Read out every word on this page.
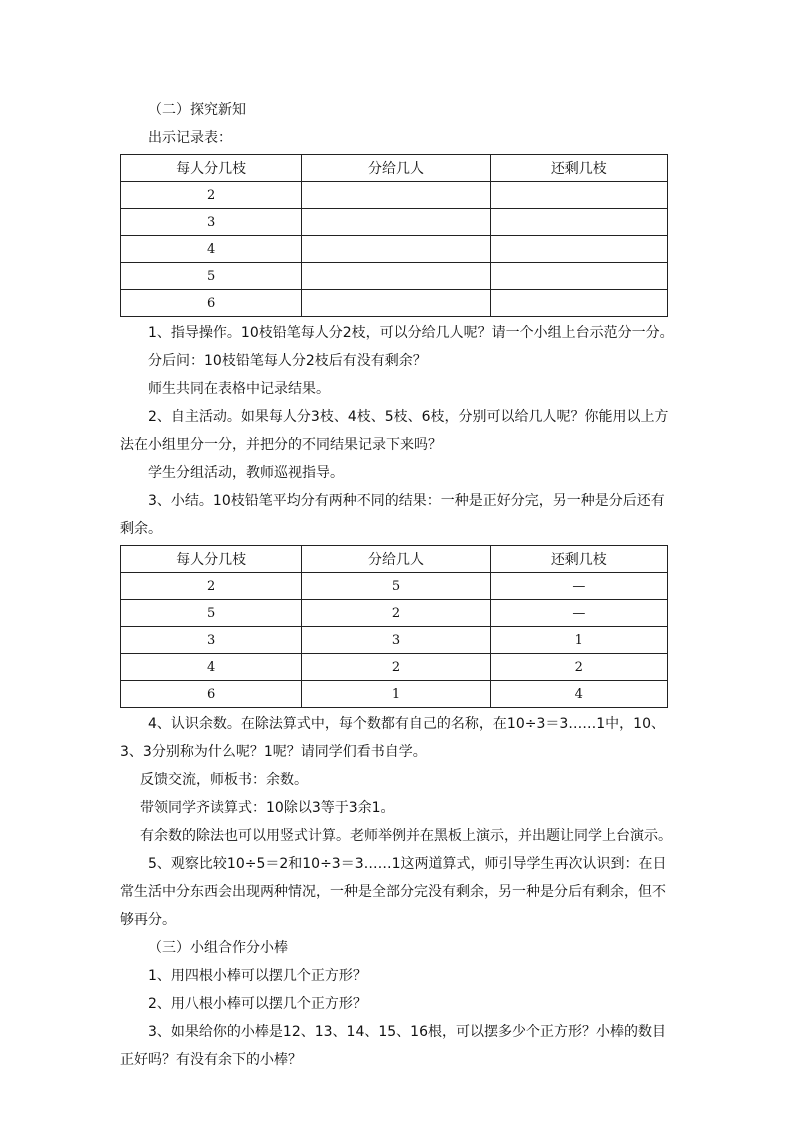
（二）探究新知
出示记录表：
每人分几枝	分给几人	还剩几枝
2		
3		
4		
5		
6		
1、指导操作。10枝铅笔每人分2枝，可以分给几人呢？请一个小组上台示范分一分。
分后问：10枝铅笔每人分2枝后有没有剩余？
师生共同在表格中记录结果。
2、自主活动。如果每人分3枝、4枝、5枝、6枝，分别可以给几人呢？你能用以上方法在小组里分一分，并把分的不同结果记录下来吗？
学生分组活动，教师巡视指导。
3、小结。10枝铅笔平均分有两种不同的结果：一种是正好分完，另一种是分后还有剩余。
每人分几枝	分给几人	还剩几枝
2	5	—
5	2	—
3	3	1
4	2	2
6	1	4
4、认识余数。在除法算式中，每个数都有自己的名称，在10÷3＝3……1中，10、3、3分别称为什么呢？1呢？请同学们看书自学。
反馈交流，师板书：余数。
带领同学齐读算式：10除以3等于3余1。
有余数的除法也可以用竖式计算。老师举例并在黑板上演示，并出题让同学上台演示。
5、观察比较10÷5＝2和10÷3＝3……1这两道算式，师引导学生再次认识到：在日常生活中分东西会出现两种情况，一种是全部分完没有剩余，另一种是分后有剩余，但不够再分。
（三）小组合作分小棒
1、用四根小棒可以摆几个正方形？
2、用八根小棒可以摆几个正方形？
3、如果给你的小棒是12、13、14、15、16根，可以摆多少个正方形？小棒的数目正好吗？有没有余下的小棒？
